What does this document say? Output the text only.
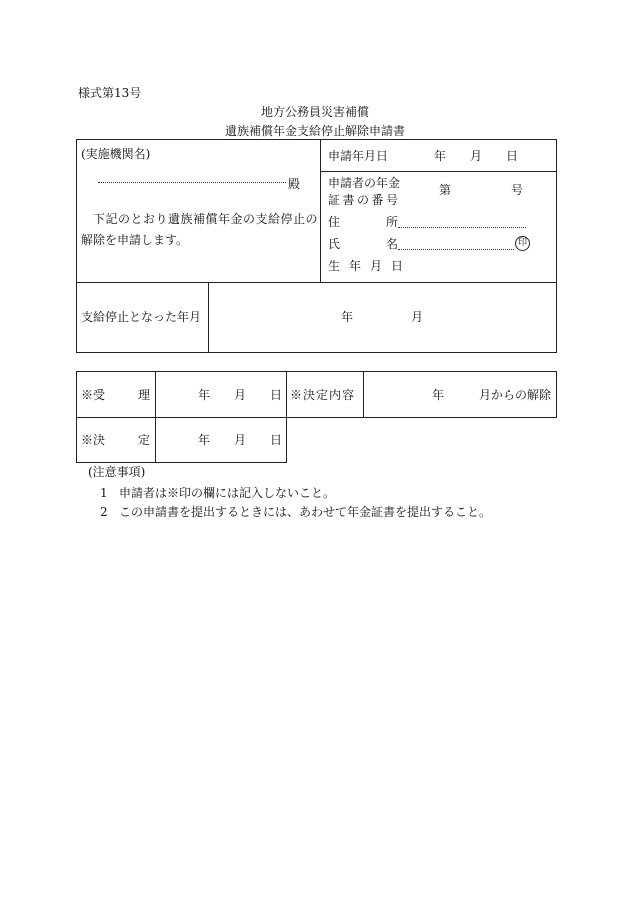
様式第13号
地方公務員災害補償
遺族補償年金支給停止解除申請書
(実施機関名)
殿
下記のとおり遺族補償年金の支給停止の
解除を申請します。
申請年月日	年 月 日
申請者の年金
証書の番号
第	号
住	所
氏	名	印
生年月日
支給停止となった年月	年	月
※受	理	年 月 日 ※決定内容	年	月からの解除
※決	定	年 月 日
(注意事項)
1 申請者は※印の欄には記入しないこと。
2 この申請書を提出するときには、あわせて年金証書を提出すること。
